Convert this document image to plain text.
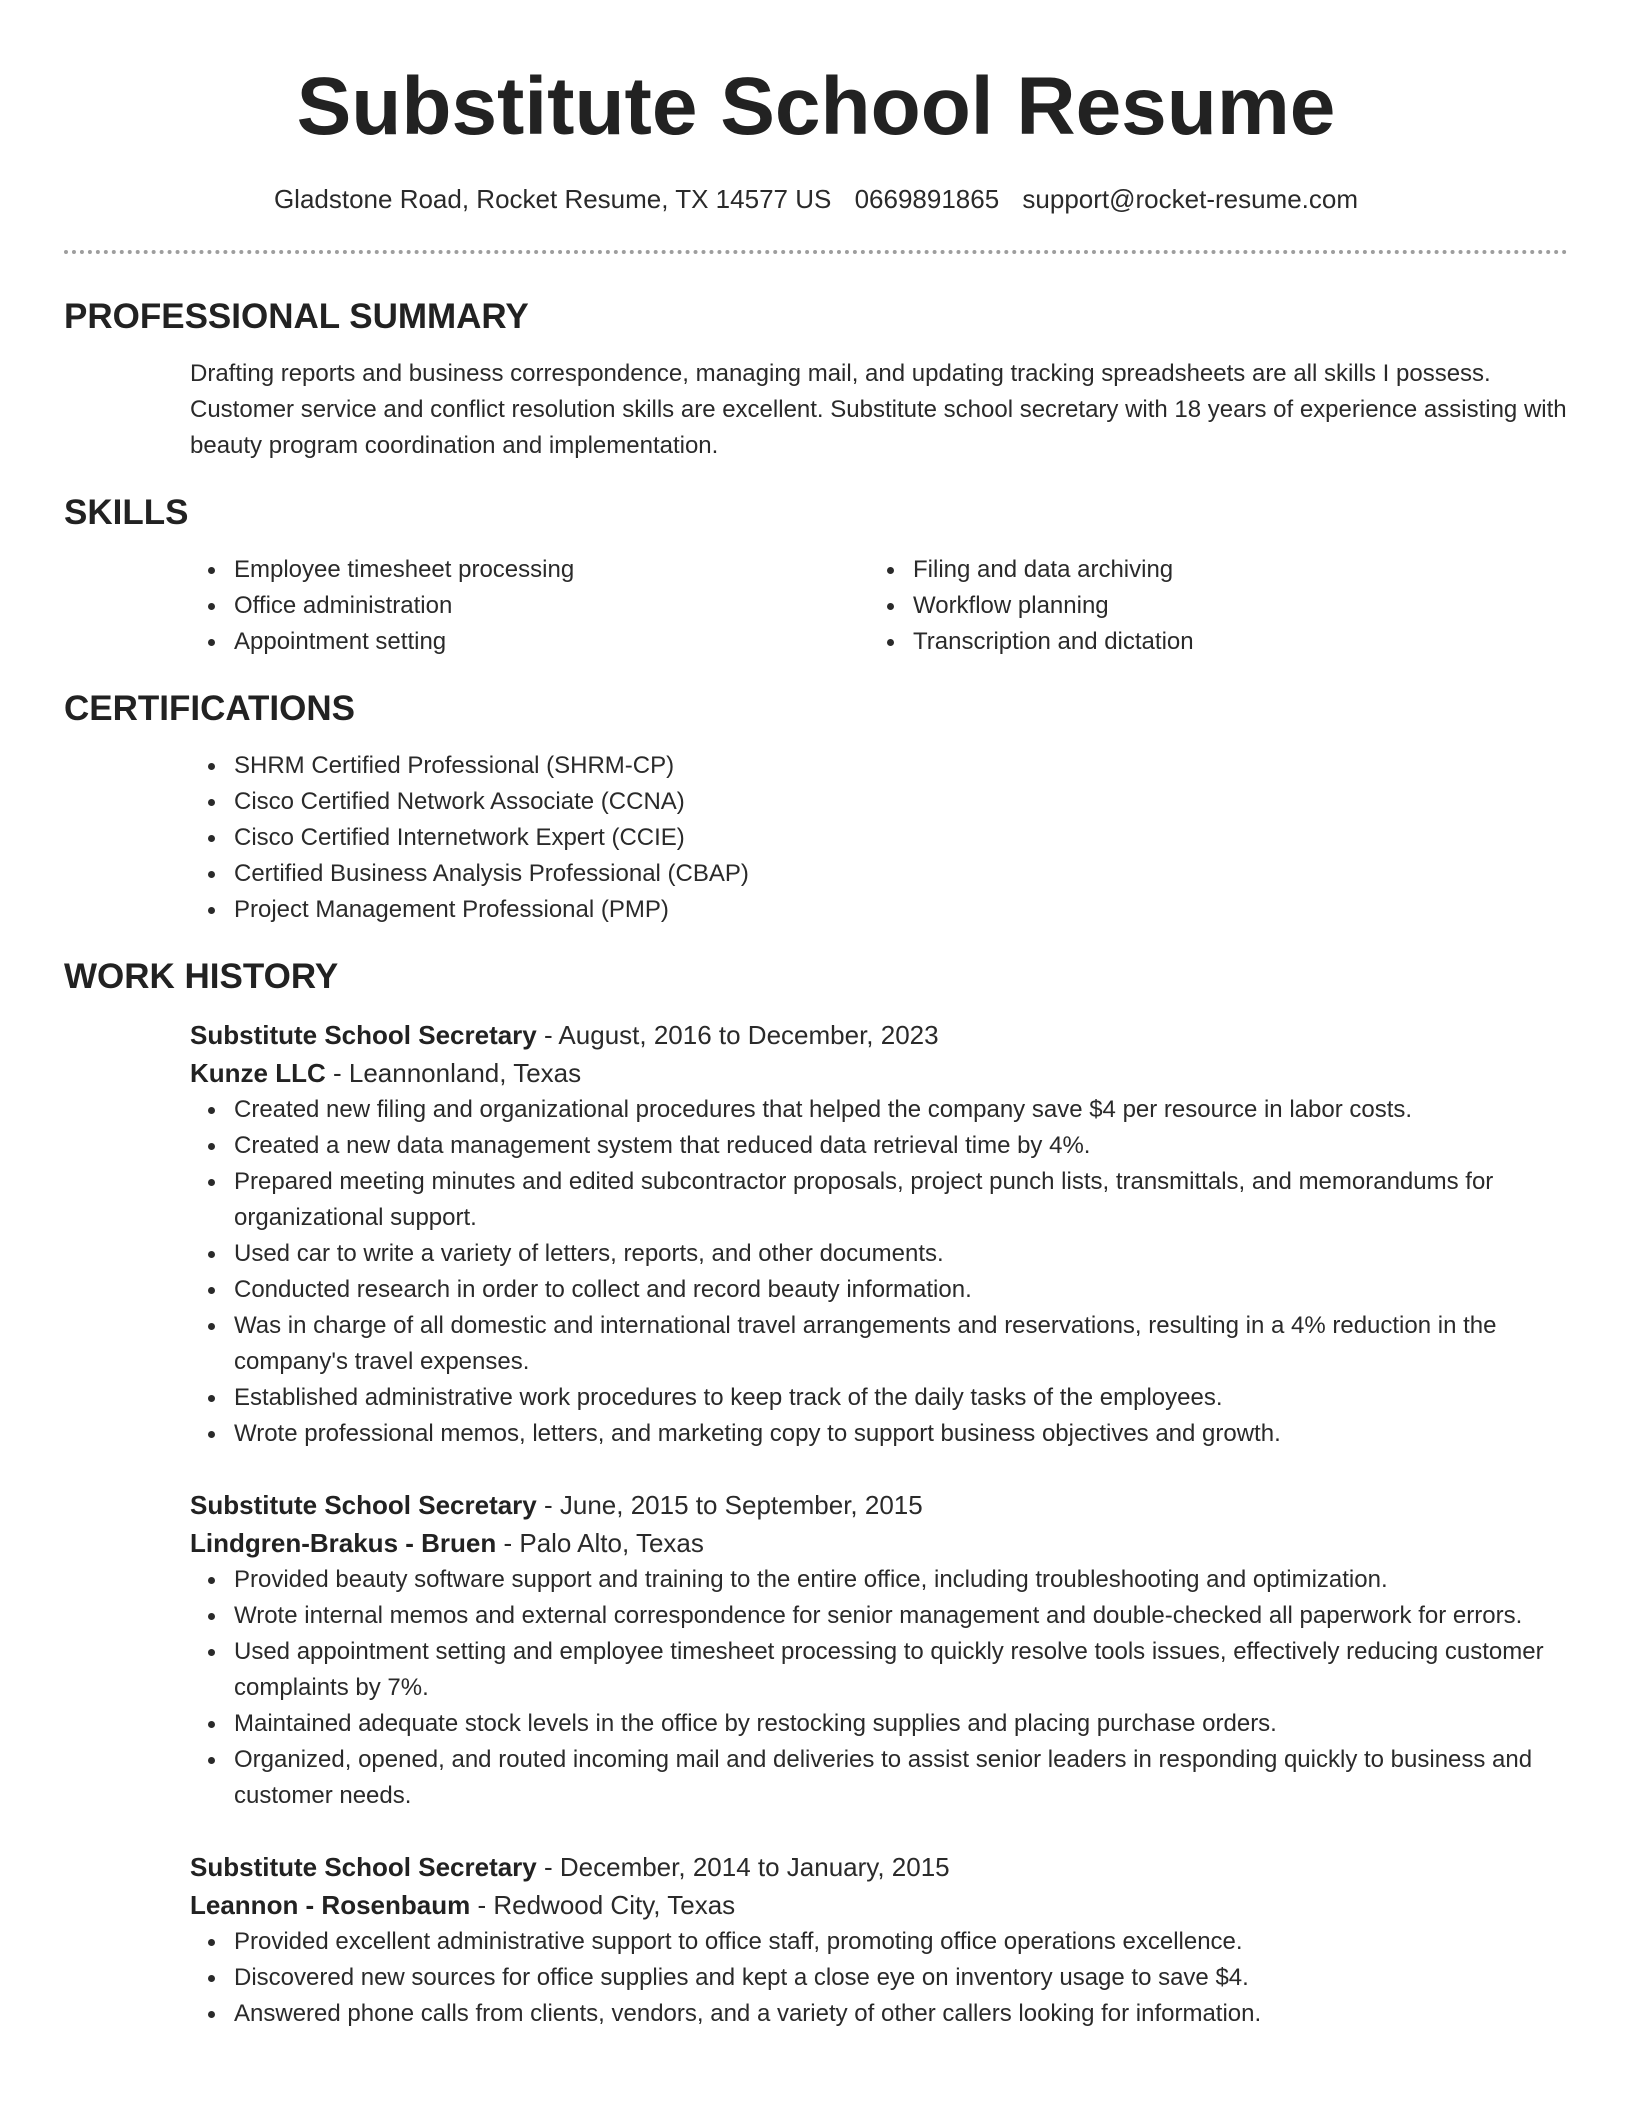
Substitute School Resume
Gladstone Road, Rocket Resume, TX 14577 US 0669891865 support@rocket-resume.com
PROFESSIONAL SUMMARY

Drafting reports and business correspondence, managing mail, and updating tracking spreadsheets are all skills I possess. Customer service and conflict resolution skills are excellent. Substitute school secretary with 18 years of experience assisting with beauty program coordination and implementation.

SKILLS
Employee timesheet processing
Office administration
Appointment setting
Filing and data archiving
Workflow planning
Transcription and dictation
CERTIFICATIONS
SHRM Certified Professional (SHRM-CP)
Cisco Certified Network Associate (CCNA)
Cisco Certified Internetwork Expert (CCIE)
Certified Business Analysis Professional (CBAP)
Project Management Professional (PMP)
WORK HISTORY
Substitute School Secretary - August, 2016 to December, 2023
Kunze LLC - Leannonland, Texas
Created new filing and organizational procedures that helped the company save $4 per resource in labor costs.
Created a new data management system that reduced data retrieval time by 4%.
Prepared meeting minutes and edited subcontractor proposals, project punch lists, transmittals, and memorandums for organizational support.
Used car to write a variety of letters, reports, and other documents.
Conducted research in order to collect and record beauty information.
Was in charge of all domestic and international travel arrangements and reservations, resulting in a 4% reduction in the company's travel expenses.
Established administrative work procedures to keep track of the daily tasks of the employees.
Wrote professional memos, letters, and marketing copy to support business objectives and growth.
Substitute School Secretary - June, 2015 to September, 2015
Lindgren-Brakus - Bruen - Palo Alto, Texas
Provided beauty software support and training to the entire office, including troubleshooting and optimization.
Wrote internal memos and external correspondence for senior management and double-checked all paperwork for errors.
Used appointment setting and employee timesheet processing to quickly resolve tools issues, effectively reducing customer complaints by 7%.
Maintained adequate stock levels in the office by restocking supplies and placing purchase orders.
Organized, opened, and routed incoming mail and deliveries to assist senior leaders in responding quickly to business and customer needs.
Substitute School Secretary - December, 2014 to January, 2015
Leannon - Rosenbaum - Redwood City, Texas
Provided excellent administrative support to office staff, promoting office operations excellence.
Discovered new sources for office supplies and kept a close eye on inventory usage to save $4.
Answered phone calls from clients, vendors, and a variety of other callers looking for information.
